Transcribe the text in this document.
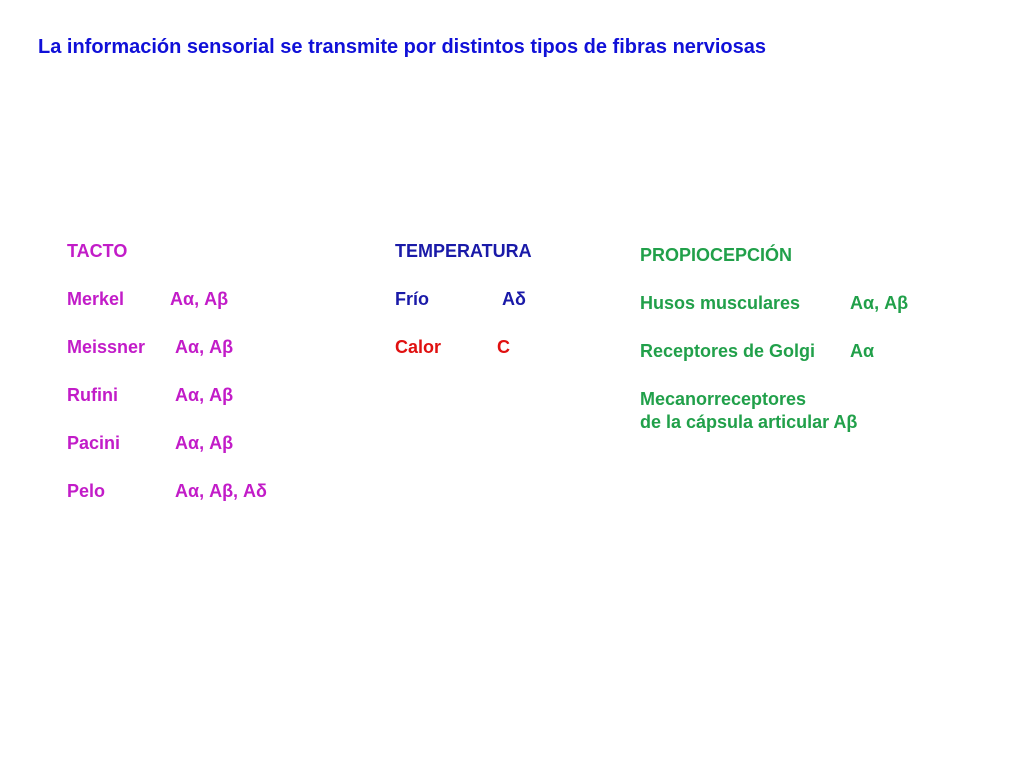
La información sensorial se transmite por distintos tipos de fibras nerviosas
TACTO
Merkel	Aα, Aβ
Meissner Aα, Aβ
Rufini	Aα, Aβ
Pacini	Aα, Aβ
Pelo	Aα, Aβ, Aδ
TEMPERATURA
Frío	Aδ
Calor	C
PROPIOCEPCIÓN
Husos musculares	Aα, Aβ
Receptores de Golgi Aα
Mecanorreceptores
de la cápsula articular Aβ
